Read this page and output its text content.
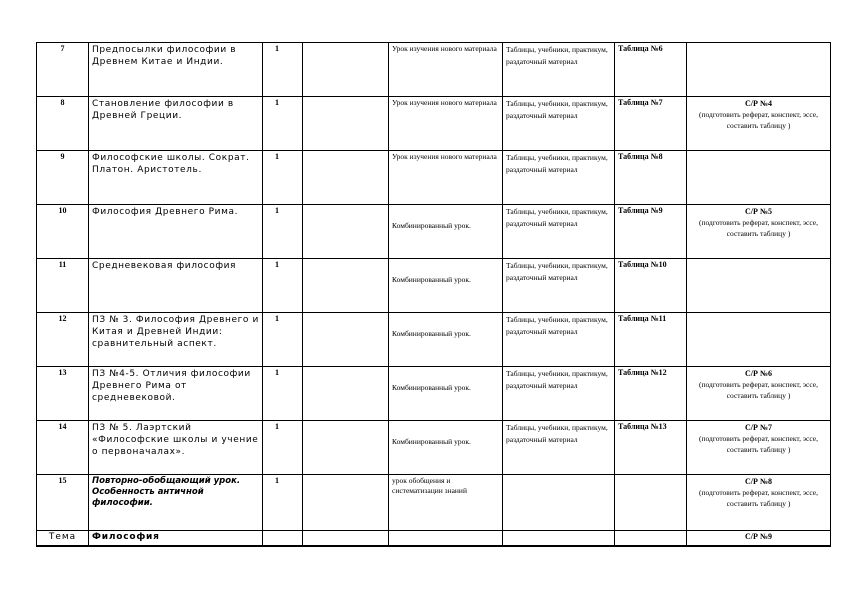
7	Предпосылки философии в Древнем Китае и Индии.	1		Урок изучения нового материала	Таблицы, учебники, практикум, раздаточный материал	Таблица №6	

8	Становление философии в Древней Греции.	1		Урок изучения нового материала	Таблицы, учебники, практикум, раздаточный материал	Таблица №7	С/Р №4
(подготовить реферат, конспект, эссе, составить таблицу )
9	Философские школы. Сократ. Платон. Аристотель.	1		Урок изучения нового материала	Таблицы, учебники, практикум, раздаточный материал	Таблица №8	

10	Философия Древнего Рима.	1		Комбинированный урок.	Таблицы, учебники, практикум, раздаточный материал	Таблица №9	С/Р №5
(подготовить реферат, конспект, эссе, составить таблицу )
11	Средневековая философия	1		Комбинированный урок.	Таблицы, учебники, практикум, раздаточный материал	Таблица №10	

12	ПЗ № 3. Философия Древнего и Китая и Древней Индии: сравнительный аспект.	1		Комбинированный урок.	Таблицы, учебники, практикум, раздаточный материал	Таблица №11	

13	ПЗ №4-5. Отличия философии Древнего Рима от средневековой.	1		Комбинированный урок.	Таблицы, учебники, практикум, раздаточный материал	Таблица №12	С/Р №6
(подготовить реферат, конспект, эссе, составить таблицу )
14	ПЗ № 5. Лаэртский «Философские школы и учение о первоначалах».	1		Комбинированный урок.	Таблицы, учебники, практикум, раздаточный материал	Таблица №13	С/Р №7
(подготовить реферат, конспект, эссе, составить таблицу )
15	Повторно-обобщающий урок. Особенность античной философии.	1		урок обобщения и систематизации знаний			С/Р №8
(подготовить реферат, конспект, эссе, составить таблицу )
Тема	Философия						С/Р №9
